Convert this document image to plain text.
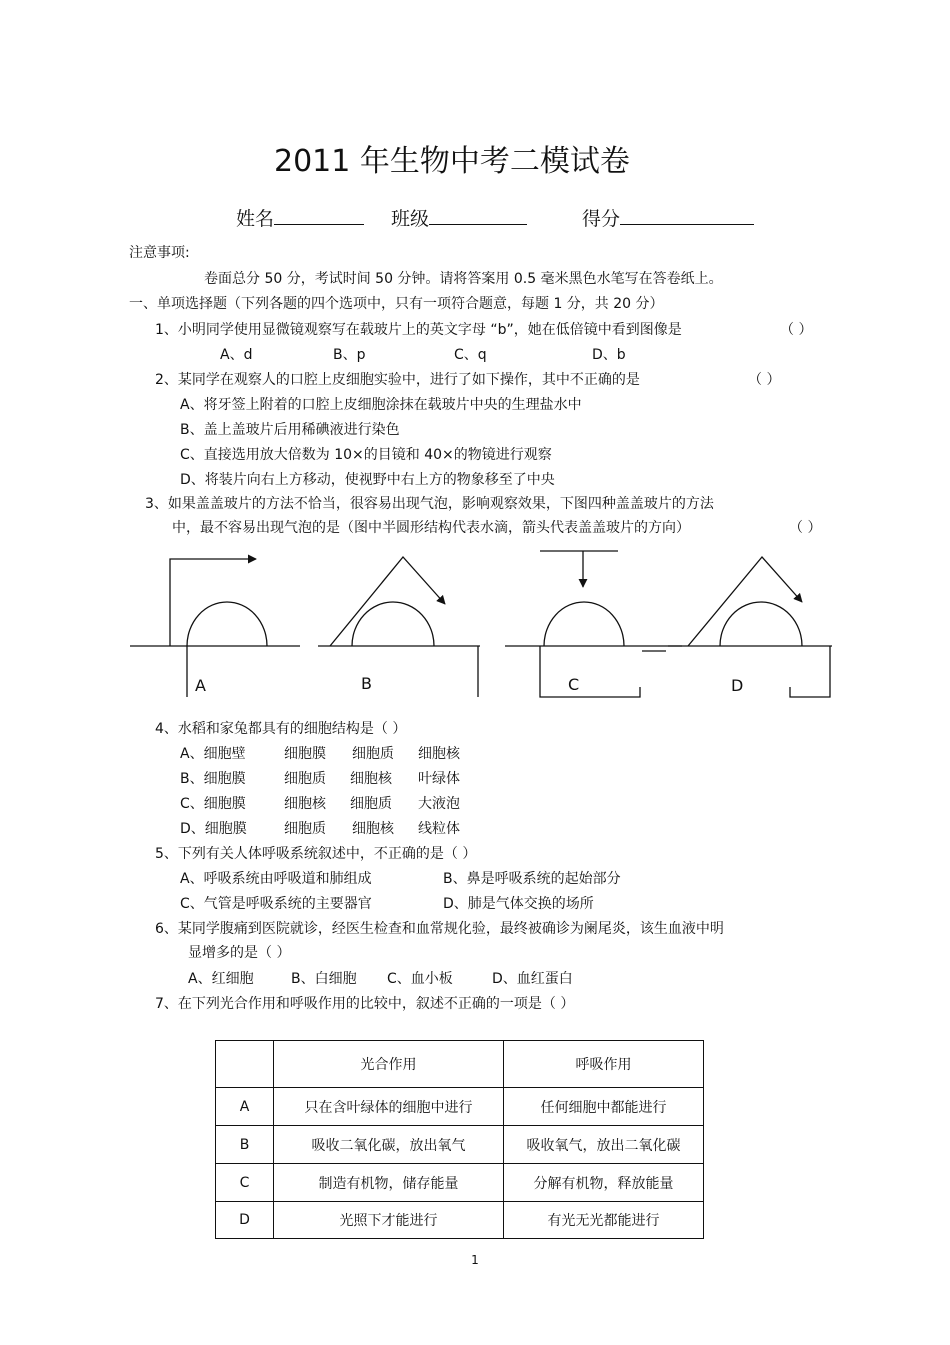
2011 年生物中考二模试卷
姓名	班级	得分
注意事项:
卷面总分 50 分，考试时间 50 分钟。请将答案用 0.5 毫米黑色水笔写在答卷纸上。
一、单项选择题（下列各题的四个选项中，只有一项符合题意，每题 1 分，共 20 分）
1、小明同学使用显微镜观察写在载玻片上的英文字母 “b”，她在低倍镜中看到图像是	（ ）
A、d	B、p	C、q	D、b
2、某同学在观察人的口腔上皮细胞实验中，进行了如下操作，其中不正确的是	（ ）
A、将牙签上附着的口腔上皮细胞涂抹在载玻片中央的生理盐水中
B、盖上盖玻片后用稀碘液进行染色
C、直接选用放大倍数为 10×的目镜和 40×的物镜进行观察
D、将装片向右上方移动，使视野中右上方的物象移至了中央
3、如果盖盖玻片的方法不恰当，很容易出现气泡，影响观察效果，下图四种盖盖玻片的方法
中，最不容易出现气泡的是（图中半圆形结构代表水滴，箭头代表盖盖玻片的方向）	（ ）
A	B	C	D
4、水稻和家兔都具有的细胞结构是（ ）
A、细胞壁	细胞膜 细胞质 细胞核
B、细胞膜	细胞质 细胞核 叶绿体
C、细胞膜	细胞核 细胞质 大液泡
D、细胞膜	细胞质 细胞核 线粒体
5、下列有关人体呼吸系统叙述中，不正确的是（ ）
A、呼吸系统由呼吸道和肺组成	B、鼻是呼吸系统的起始部分
C、气管是呼吸系统的主要器官	D、肺是气体交换的场所
6、某同学腹痛到医院就诊，经医生检查和血常规化验，最终被确诊为阑尾炎，该生血液中明
显增多的是（ ）
A、红细胞	B、白细胞 C、血小板	D、血红蛋白
7、在下列光合作用和呼吸作用的比较中，叙述不正确的一项是（ ）
	光合作用	呼吸作用
A	只在含叶绿体的细胞中进行	任何细胞中都能进行
B	吸收二氧化碳，放出氧气	吸收氧气，放出二氧化碳
C	制造有机物，储存能量	分解有机物，释放能量
D	光照下才能进行	有光无光都能进行
1
